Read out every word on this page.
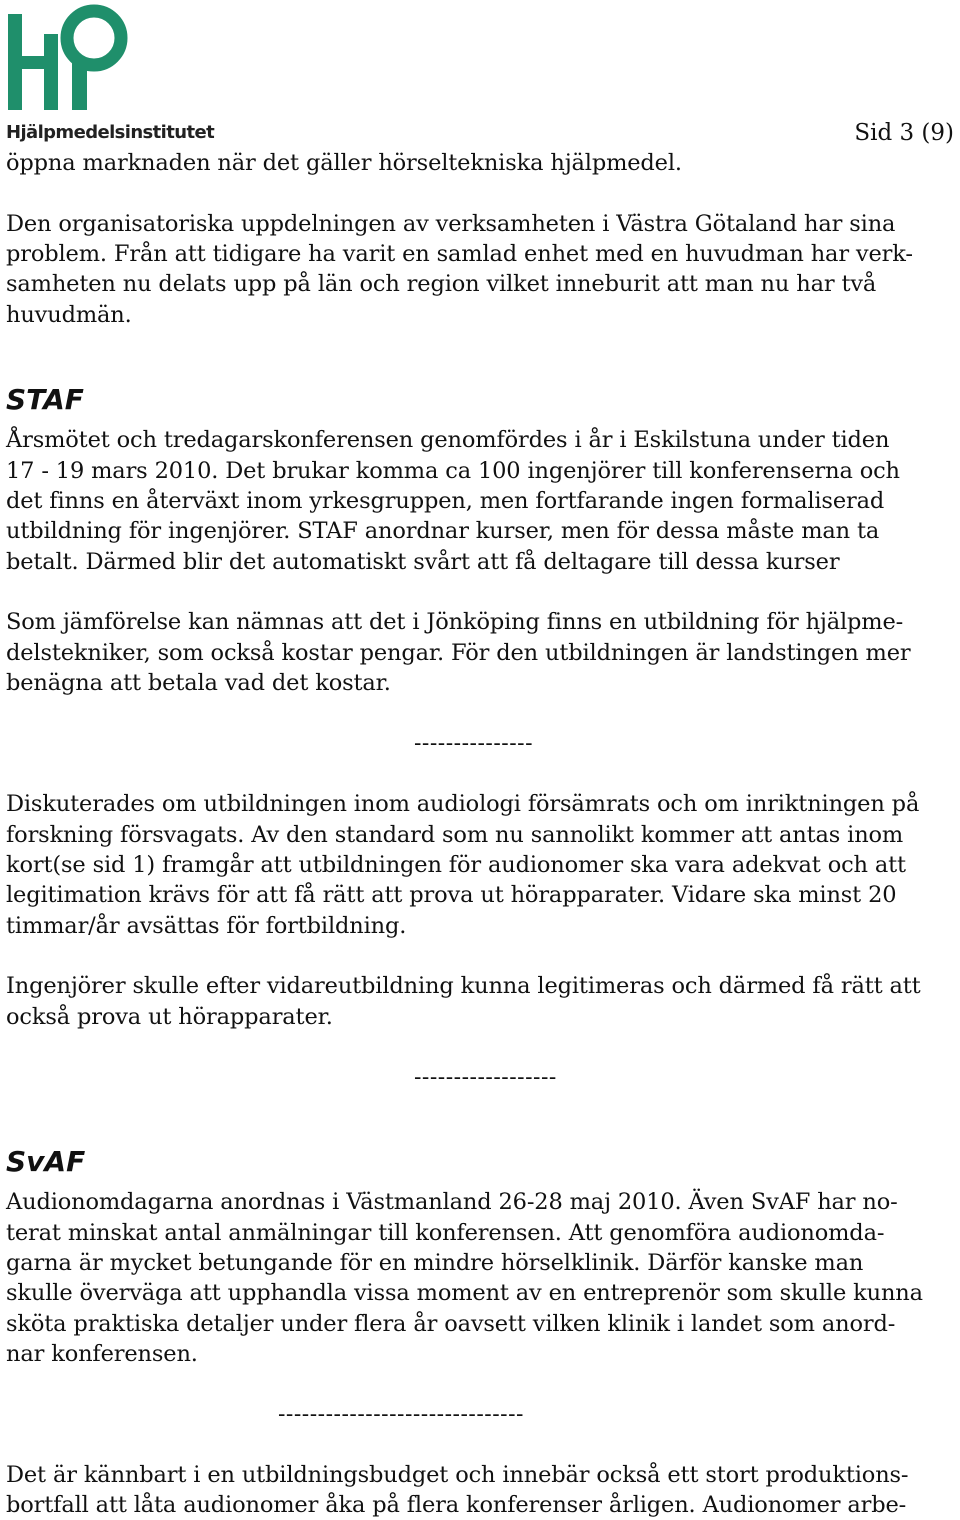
Hjälpmedelsinstitutet	Sid 3 (9)
öppna marknaden när det gäller hörseltekniska hjälpmedel.
Den organisatoriska uppdelningen av verksamheten i Västra Götaland har sina
problem. Från att tidigare ha varit en samlad enhet med en huvudman har verk-
samheten nu delats upp på län och region vilket inneburit att man nu har två
huvudmän.
STAF
Årsmötet och tredagarskonferensen genomfördes i år i Eskilstuna under tiden
17 - 19 mars 2010. Det brukar komma ca 100 ingenjörer till konferenserna och
det finns en återväxt inom yrkesgruppen, men fortfarande ingen formaliserad
utbildning för ingenjörer. STAF anordnar kurser, men för dessa måste man ta
betalt. Därmed blir det automatiskt svårt att få deltagare till dessa kurser
Som jämförelse kan nämnas att det i Jönköping finns en utbildning för hjälpme-
delstekniker, som också kostar pengar. För den utbildningen är landstingen mer
benägna att betala vad det kostar.
---------------
Diskuterades om utbildningen inom audiologi försämrats och om inriktningen på
forskning försvagats. Av den standard som nu sannolikt kommer att antas inom
kort(se sid 1) framgår att utbildningen för audionomer ska vara adekvat och att
legitimation krävs för att få rätt att prova ut hörapparater. Vidare ska minst 20
timmar/år avsättas för fortbildning.
Ingenjörer skulle efter vidareutbildning kunna legitimeras och därmed få rätt att
också prova ut hörapparater.
------------------
SvAF
Audionomdagarna anordnas i Västmanland 26-28 maj 2010. Även SvAF har no-
terat minskat antal anmälningar till konferensen. Att genomföra audionomda-
garna är mycket betungande för en mindre hörselklinik. Därför kanske man
skulle överväga att upphandla vissa moment av en entreprenör som skulle kunna
sköta praktiska detaljer under flera år oavsett vilken klinik i landet som anord-
nar konferensen.
-------------------------------
Det är kännbart i en utbildningsbudget och innebär också ett stort produktions-
bortfall att låta audionomer åka på flera konferenser årligen. Audionomer arbe-
